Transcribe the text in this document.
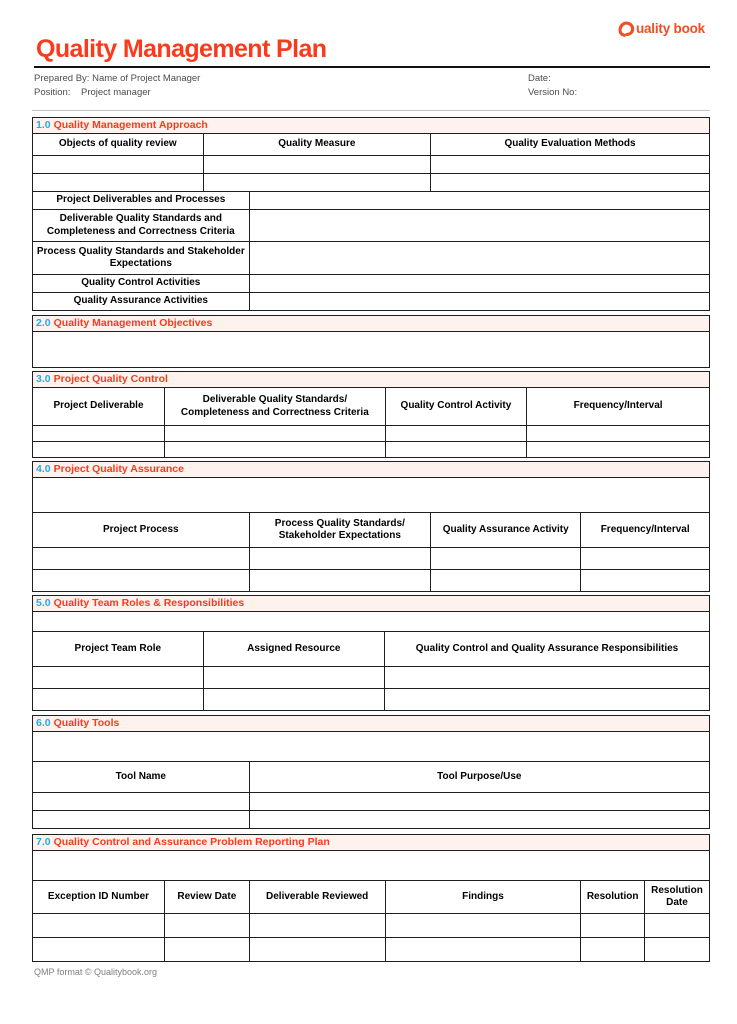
uality book
Quality Management Plan
Prepared By: Name of Project Manager
Position: Project manager
Date:
Version No:
1.0 Quality Management Approach
Objects of quality review	Quality Measure	Quality Evaluation Methods

Project Deliverables and Processes	
Deliverable Quality Standards and Completeness and Correctness Criteria	
Process Quality Standards and Stakeholder Expectations	
Quality Control Activities	
Quality Assurance Activities	
2.0 Quality Management Objectives
3.0 Project Quality Control
Project Deliverable	Deliverable Quality Standards/ Completeness and Correctness Criteria	Quality Control Activity	Frequency/Interval

4.0 Project Quality Assurance
Project Process	Process Quality Standards/ Stakeholder Expectations	Quality Assurance Activity	Frequency/Interval

5.0 Quality Team Roles & Responsibilities
Project Team Role	Assigned Resource	Quality Control and Quality Assurance Responsibilities

6.0 Quality Tools
Tool Name	Tool Purpose/Use

7.0 Quality Control and Assurance Problem Reporting Plan
Exception ID Number	Review Date	Deliverable Reviewed	Findings	Resolution	Resolution Date

QMP format © Qualitybook.org
